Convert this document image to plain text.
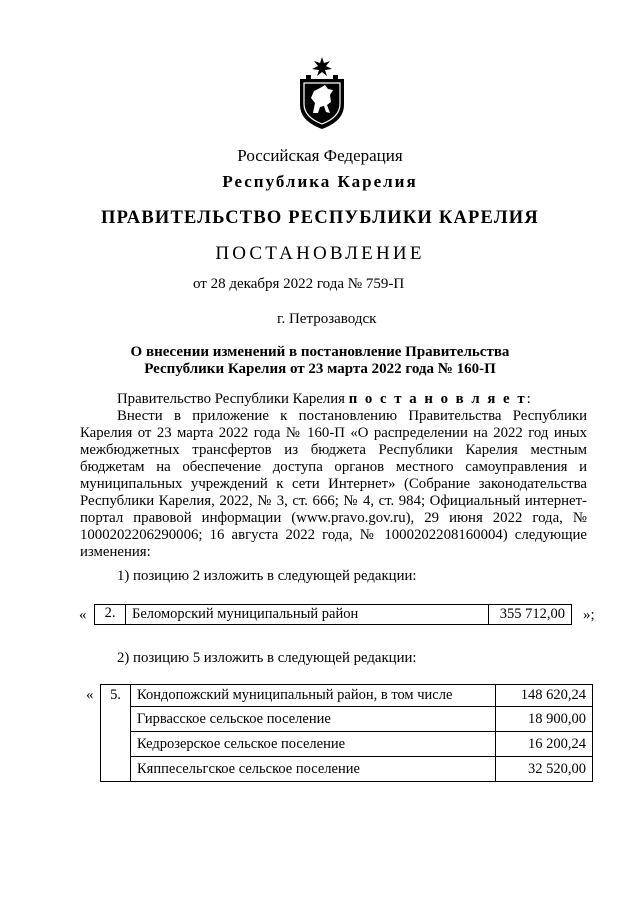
Российская Федерация
Республика Карелия
ПРАВИТЕЛЬСТВО РЕСПУБЛИКИ КАРЕЛИЯ
ПОСТАНОВЛЕНИЕ
от 28 декабря 2022 года № 759-П
г. Петрозаводск
О внесении изменений в постановление Правительства
Республики Карелия от 23 марта 2022 года № 160-П
Правительство Республики Карелия п о с т а н о в л я е т:
Внести в приложение к постановлению Правительства Республики Карелия от 23 марта 2022 года № 160-П «О распределении на 2022 год иных межбюджетных трансфертов из бюджета Республики Карелия местным бюджетам на обеспечение доступа органов местного самоуправления и муниципальных учреждений к сети Интернет» (Собрание законодательства Республики Карелия, 2022, № 3, ст. 666; № 4, ст. 984; Официальный интернет-портал правовой информации (www.pravo.gov.ru), 29 июня 2022 года, № 1000202206290006; 16 августа 2022 года, № 1000202208160004) следующие изменения:
1) позицию 2 изложить в следующей редакции:
« 2.	Беломорский муниципальный район	355 712,00 »;
2) позицию 5 изложить в следующей редакции:
« 5.	Кондопожский муниципальный район, в том числе	148 620,24
	Гирвасское сельское поселение	18 900,00
	Кедрозерское сельское поселение	16 200,24
	Кяппесельгское сельское поселение	32 520,00
